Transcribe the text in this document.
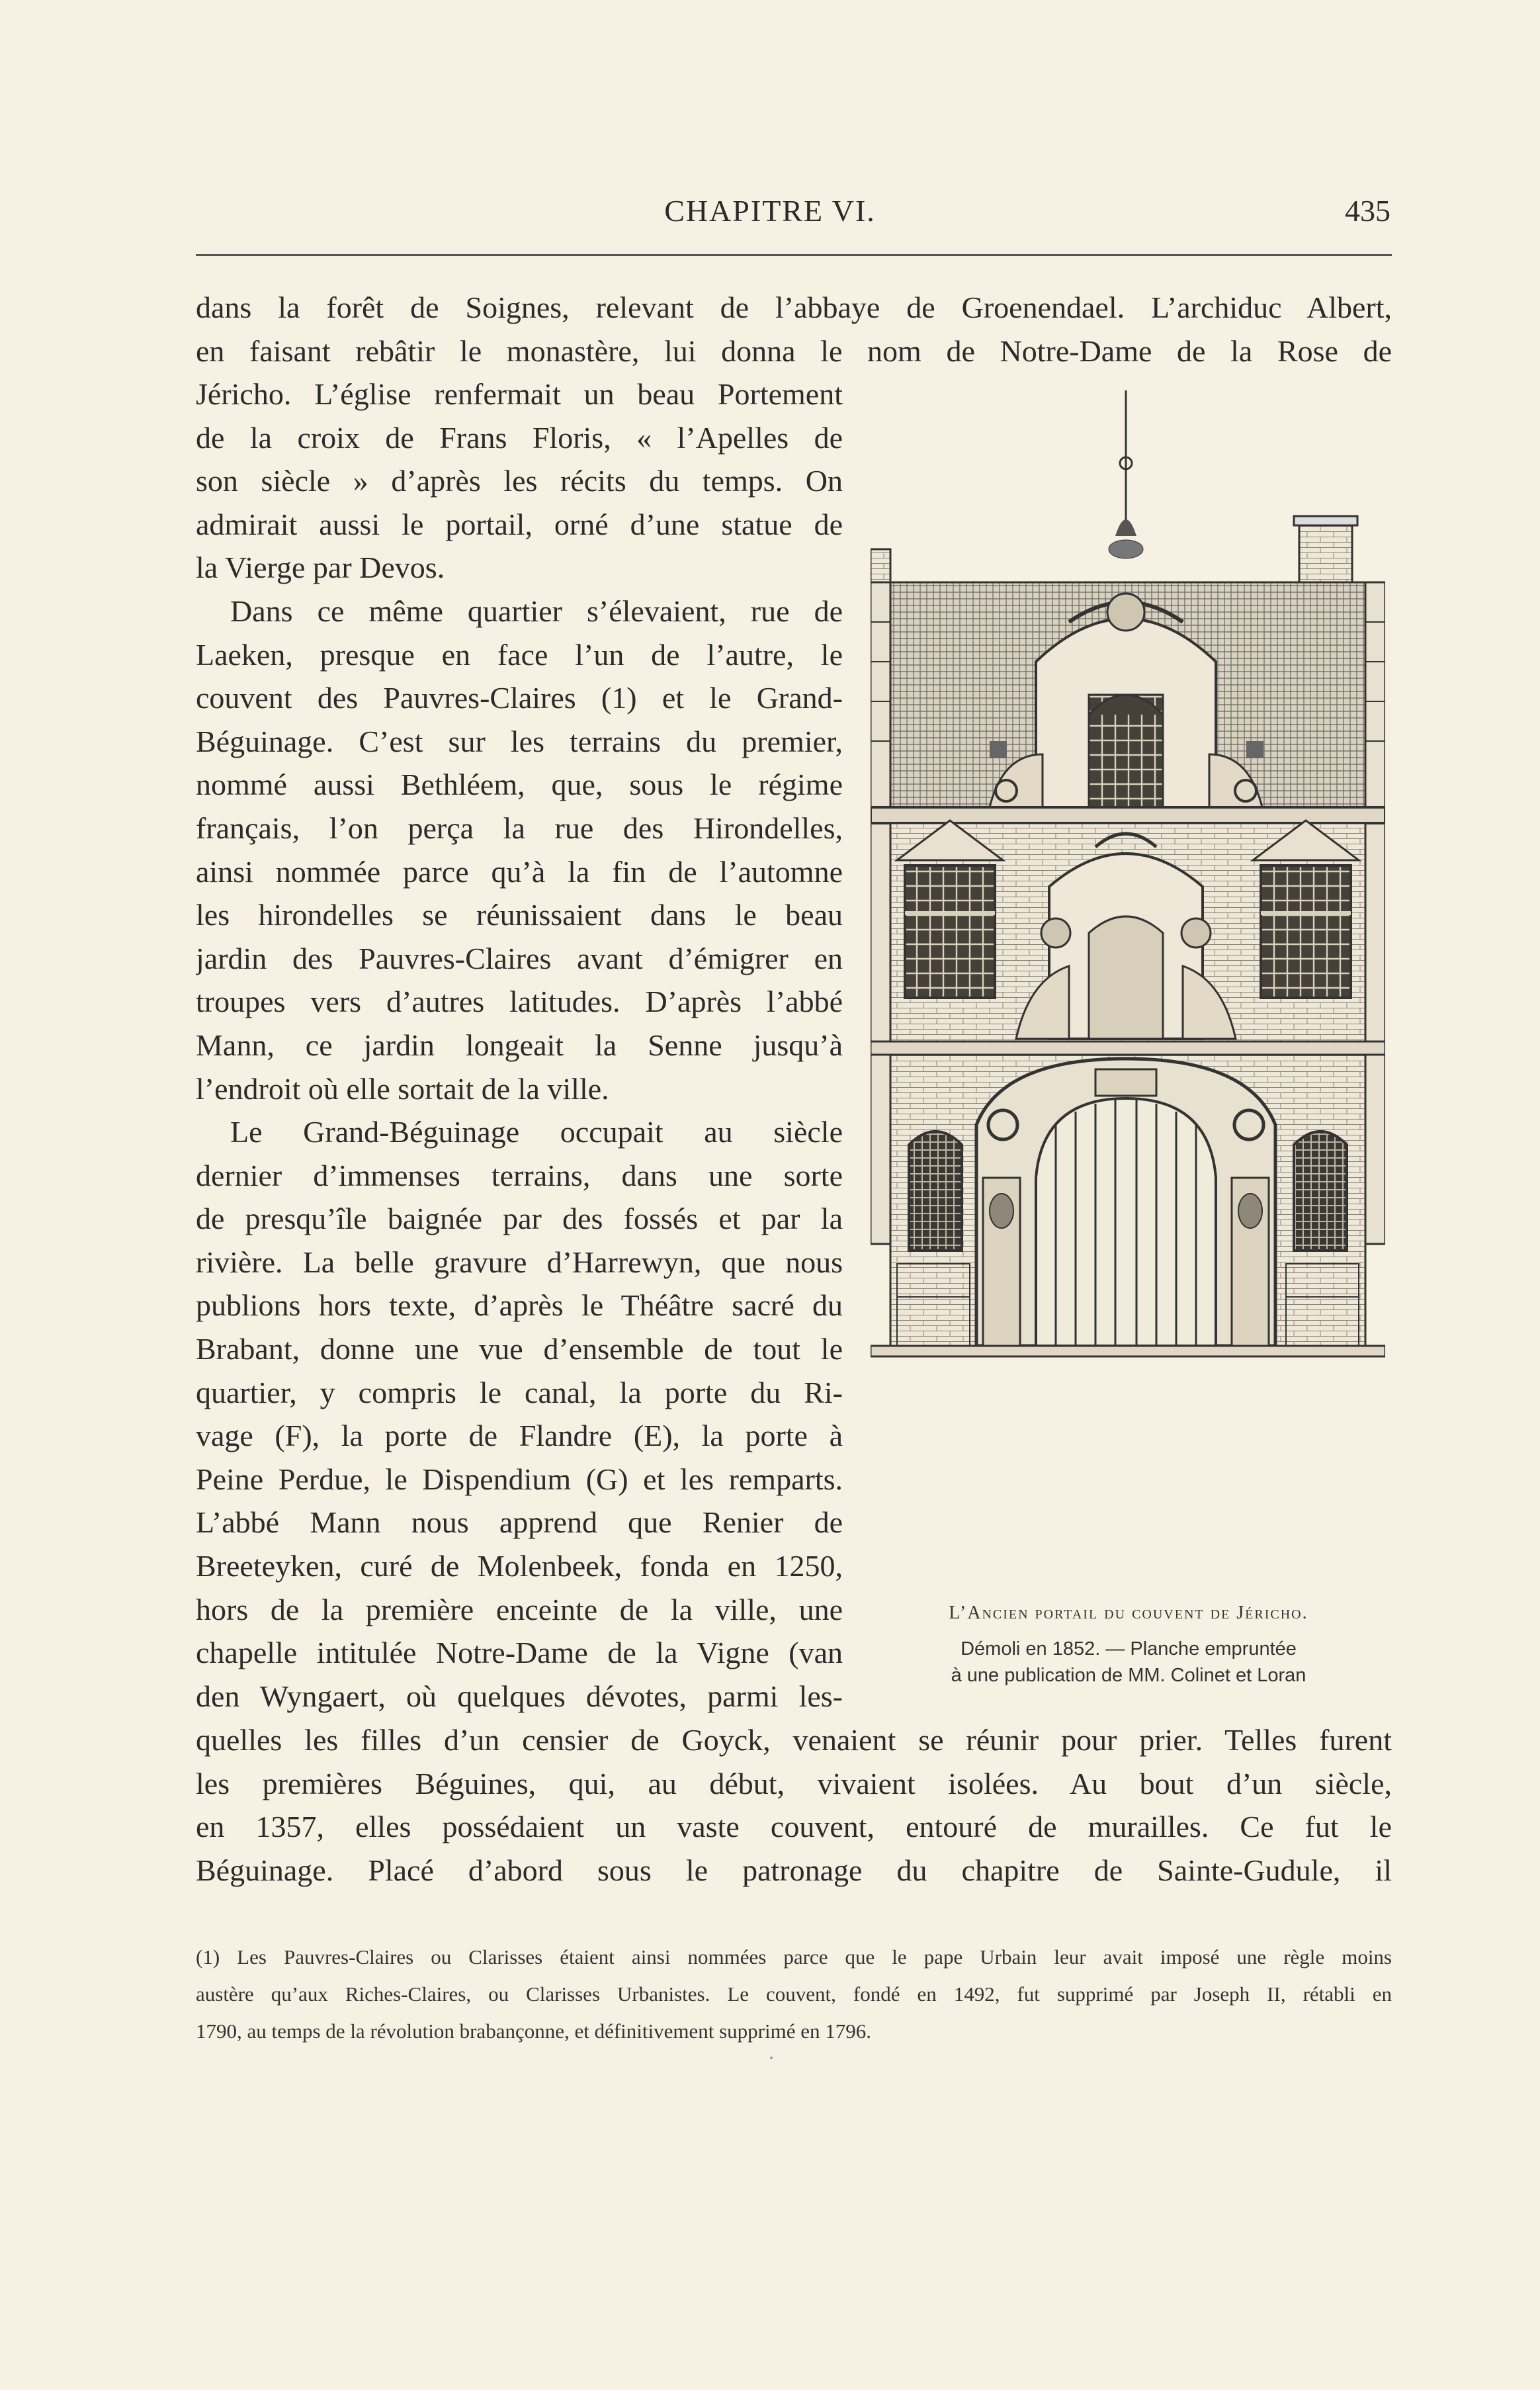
CHAPITRE VI.	435
dans la forêt de Soignes, relevant de l’abbaye de Groenendael. L’archiduc Albert,
en faisant rebâtir le monastère, lui donna le nom de Notre-Dame de la Rose de
Jéricho. L’église renfermait un beau Portement
de la croix de Frans Floris, « l’Apelles de
son siècle » d’après les récits du temps. On
admirait aussi le portail, orné d’une statue de
la Vierge par Devos.
Dans ce même quartier s’élevaient, rue de
Laeken, presque en face l’un de l’autre, le
couvent des Pauvres-Claires (1) et le Grand-
Béguinage. C’est sur les terrains du premier,
nommé aussi Bethléem, que, sous le régime
français, l’on perça la rue des Hirondelles,
ainsi nommée parce qu’à la fin de l’automne
les hirondelles se réunissaient dans le beau
jardin des Pauvres-Claires avant d’émigrer en
troupes vers d’autres latitudes. D’après l’abbé
Mann, ce jardin longeait la Senne jusqu’à
l’endroit où elle sortait de la ville.
Le Grand-Béguinage occupait au siècle
dernier d’immenses terrains, dans une sorte
de presqu’île baignée par des fossés et par la
rivière. La belle gravure d’Harrewyn, que nous
publions hors texte, d’après le Théâtre sacré du
Brabant, donne une vue d’ensemble de tout le
quartier, y compris le canal, la porte du Ri-
vage (F), la porte de Flandre (E), la porte à
Peine Perdue, le Dispendium (G) et les remparts.
L’abbé Mann nous apprend que Renier de
Breeteyken, curé de Molenbeek, fonda en 1250,
hors de la première enceinte de la ville, une
chapelle intitulée Notre-Dame de la Vigne (van
den Wyngaert, où quelques dévotes, parmi les-
quelles les filles d’un censier de Goyck, venaient se réunir pour prier. Telles furent
les premières Béguines, qui, au début, vivaient isolées. Au bout d’un siècle,
en 1357, elles possédaient un vaste couvent, entouré de murailles. Ce fut le
Béguinage. Placé d’abord sous le patronage du chapitre de Sainte-Gudule, il
L’Ancien portail du couvent de Jéricho.
Démoli en 1852. — Planche empruntée
à une publication de MM. Colinet et Loran
(1) Les Pauvres-Claires ou Clarisses étaient ainsi nommées parce que le pape Urbain leur avait imposé une règle moins
austère qu’aux Riches-Claires, ou Clarisses Urbanistes. Le couvent, fondé en 1492, fut supprimé par Joseph II, rétabli en
1790, au temps de la révolution brabançonne, et définitivement supprimé en 1796.
